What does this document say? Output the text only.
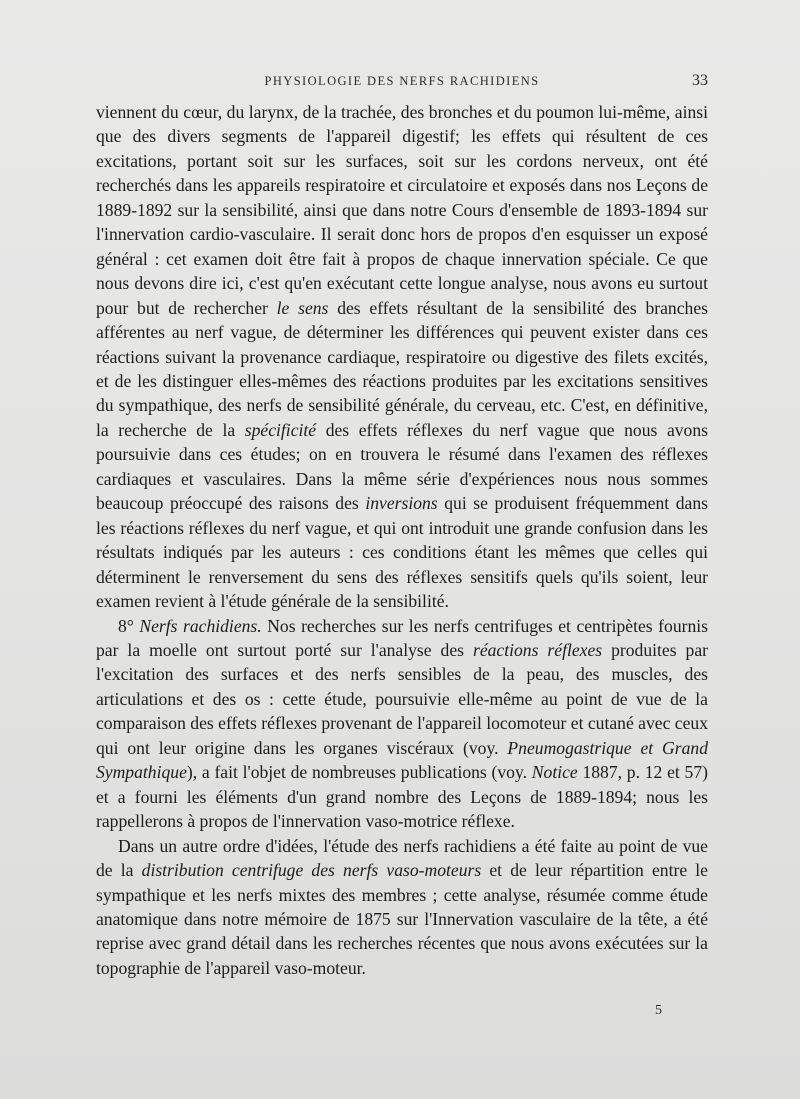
PHYSIOLOGIE DES NERFS RACHIDIENS	33

viennent du cœur, du larynx, de la trachée, des bronches et du poumon lui-même, ainsi que des divers segments de l'appareil digestif; les effets qui résultent de ces excitations, portant soit sur les surfaces, soit sur les cordons nerveux, ont été recherchés dans les appareils respiratoire et circulatoire et exposés dans nos Leçons de 1889-1892 sur la sensibilité, ainsi que dans notre Cours d'ensemble de 1893-1894 sur l'innervation cardio-vasculaire. Il serait donc hors de propos d'en esquisser un exposé général : cet examen doit être fait à propos de chaque innervation spéciale. Ce que nous devons dire ici, c'est qu'en exécutant cette longue analyse, nous avons eu surtout pour but de rechercher le sens des effets résultant de la sensibilité des branches afférentes au nerf vague, de déterminer les différences qui peuvent exister dans ces réactions suivant la provenance cardiaque, respiratoire ou digestive des filets excités, et de les distinguer elles-mêmes des réactions produites par les excitations sensitives du sympathique, des nerfs de sensibilité générale, du cerveau, etc. C'est, en définitive, la recherche de la spécificité des effets réflexes du nerf vague que nous avons poursuivie dans ces études; on en trouvera le résumé dans l'examen des réflexes cardiaques et vasculaires. Dans la même série d'expériences nous nous sommes beaucoup préoccupé des raisons des inversions qui se produisent fréquemment dans les réactions réflexes du nerf vague, et qui ont introduit une grande confusion dans les résultats indiqués par les auteurs : ces conditions étant les mêmes que celles qui déterminent le renversement du sens des réflexes sensitifs quels qu'ils soient, leur examen revient à l'étude générale de la sensibilité.

8° Nerfs rachidiens. Nos recherches sur les nerfs centrifuges et centripètes fournis par la moelle ont surtout porté sur l'analyse des réactions réflexes produites par l'excitation des surfaces et des nerfs sensibles de la peau, des muscles, des articulations et des os : cette étude, poursuivie elle-même au point de vue de la comparaison des effets réflexes provenant de l'appareil locomoteur et cutané avec ceux qui ont leur origine dans les organes viscéraux (voy. Pneumogastrique et Grand Sympathique), a fait l'objet de nombreuses publications (voy. Notice 1887, p. 12 et 57) et a fourni les éléments d'un grand nombre des Leçons de 1889-1894; nous les rappellerons à propos de l'innervation vaso-motrice réflexe.

Dans un autre ordre d'idées, l'étude des nerfs rachidiens a été faite au point de vue de la distribution centrifuge des nerfs vaso-moteurs et de leur répartition entre le sympathique et les nerfs mixtes des membres ; cette analyse, résumée comme étude anatomique dans notre mémoire de 1875 sur l'Innervation vasculaire de la tête, a été reprise avec grand détail dans les recherches récentes que nous avons exécutées sur la topographie de l'appareil vaso-moteur.

5
